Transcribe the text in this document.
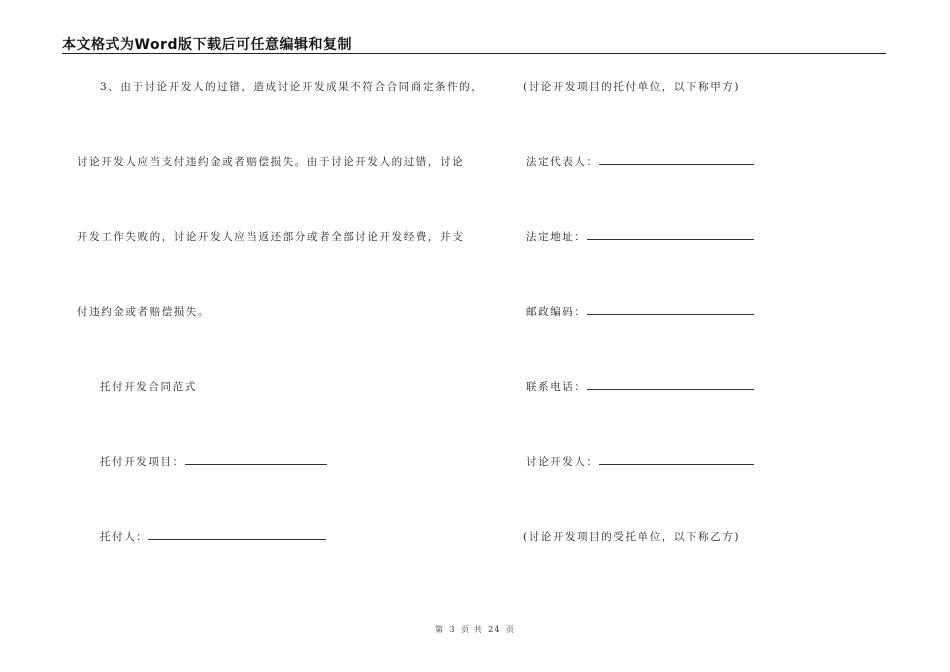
本文格式为Word版下载后可任意编辑和复制
3、由于讨论开发人的过错，造成讨论开发成果不符合合同商定条件的，
讨论开发人应当支付违约金或者赔偿损失。由于讨论开发人的过错，讨论
开发工作失败的，讨论开发人应当返还部分或者全部讨论开发经费，并支
付违约金或者赔偿损失。
托付开发合同范式
托付开发项目：
托付人：
(讨论开发项目的托付单位，以下称甲方)
法定代表人：
法定地址：
邮政编码：
联系电话：
讨论开发人：
(讨论开发项目的受托单位，以下称乙方)
第 3 页 共 24 页
